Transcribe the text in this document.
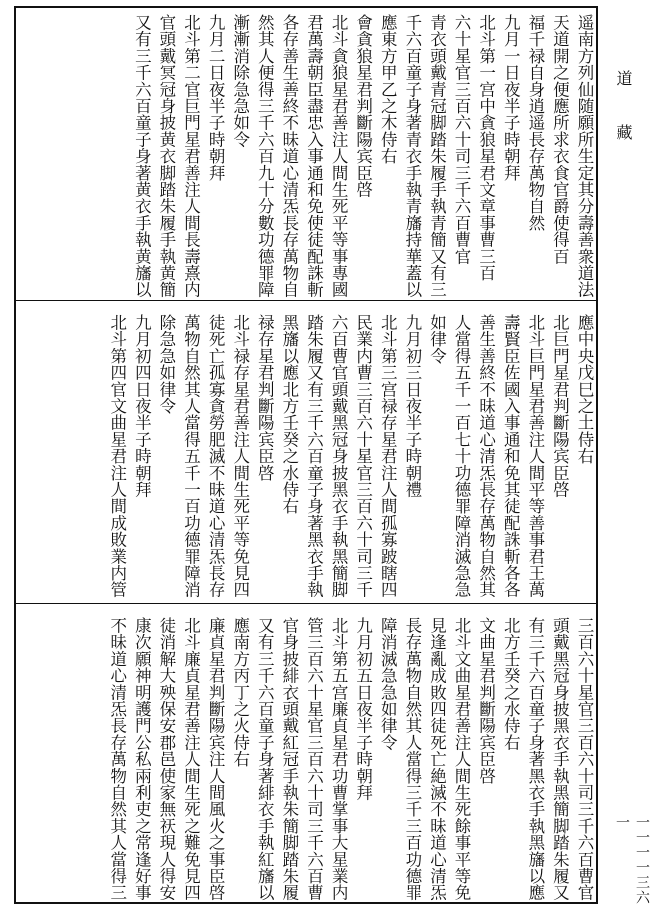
道藏
一一一一三六一
遥南方列仙随願所生定其分壽善衆道法
天道開之便應所求衣食官爵使得百
福千禄自身逍遥長存萬物自然
九月一日夜半子時朝拜
北斗第一宫中貪狼星君文章事曹三百
六十星官三百六十司三千六百曹官
青衣頭戴青冠脚踏朱履手執青簡又有三
千六百童子身著青衣手執青旛持華蓋以
應東方甲乙之木侍右
會貪狼星君判斷陽宾臣啓
北斗貪狼星君善注人間生死平等事專國
君萬壽朝臣盡忠入事通和免使徒配誅斬
各存善生善終不昧道心清炁長存萬物自
然其人便得三千六百九十分數功德罪障
漸漸消除急急如令
九月二日夜半子時朝拜
北斗第二官巨門星君善注人間長壽熹内
官頭戴冥冠身披黄衣脚踏朱履手執黄簡
又有三千六百童子身著黄衣手執黄旛以
應中央戊巳之土侍右
北巨門星君判斷陽宾臣啓
北斗巨門星君善注人間平等善事君王萬
壽賢臣佐國入事通和免其徒配誅斬各各
善生善終不昧道心清炁長存萬物自然其
人當得五千一百七十功德罪障消滅急急
如律令
九月初三日夜半子時朝禮
北斗第三宫禄存星君注人間孤寡跛瞎四
民業内曹三百六十星官三百六十司三千
六百曹官頭戴黑冠身披黑衣手執黑簡脚
踏朱履又有三千六百童子身著黑衣手執
黑旛以應北方壬癸之水侍右
禄存星君判斷陽宾臣啓
北斗禄存星君善注人間生死平等免見四
徒死亡孤寡貪勞肥滅不昧道心清炁長存
萬物自然其人當得五千一百功德罪障消
除急急如律令
九月初四日夜半子時朝拜
北斗第四官文曲星君注人間成敗業内管
三百六十星官三百六十司三千六百曹官
頭戴黑冠身披黑衣手執黑簡脚踏朱履又
有三千六百童子身著黑衣手執黑旛以應
北方壬癸之水侍右
文曲星君判斷陽宾臣啓
北斗文曲星君善注人間生死餘事平等免
見逢亂成敗四徒死亡絶滅不昧道心清炁
長存萬物自然其人當得三千三百功德罪
障消滅急急如律令
九月初五日夜半子時朝拜
北斗第五宫廉貞星君功曹掌事大星業内
管三百六十星官三百六十司三千六百曹
官身披緋衣頭戴紅冠手執朱簡脚踏朱履
又有三千六百童子身著緋衣手執紅旛以
應南方丙丁之火侍右
廉貞星君判斷陽宾注人間風火之事臣啓
北斗廉貞星君善注人間生死之難免見四
徒消解大殃保安郡邑使家無祆現人得安
康次願神明護門公私兩利吏之常逢好事
不昧道心清炁長存萬物自然其人當得三
